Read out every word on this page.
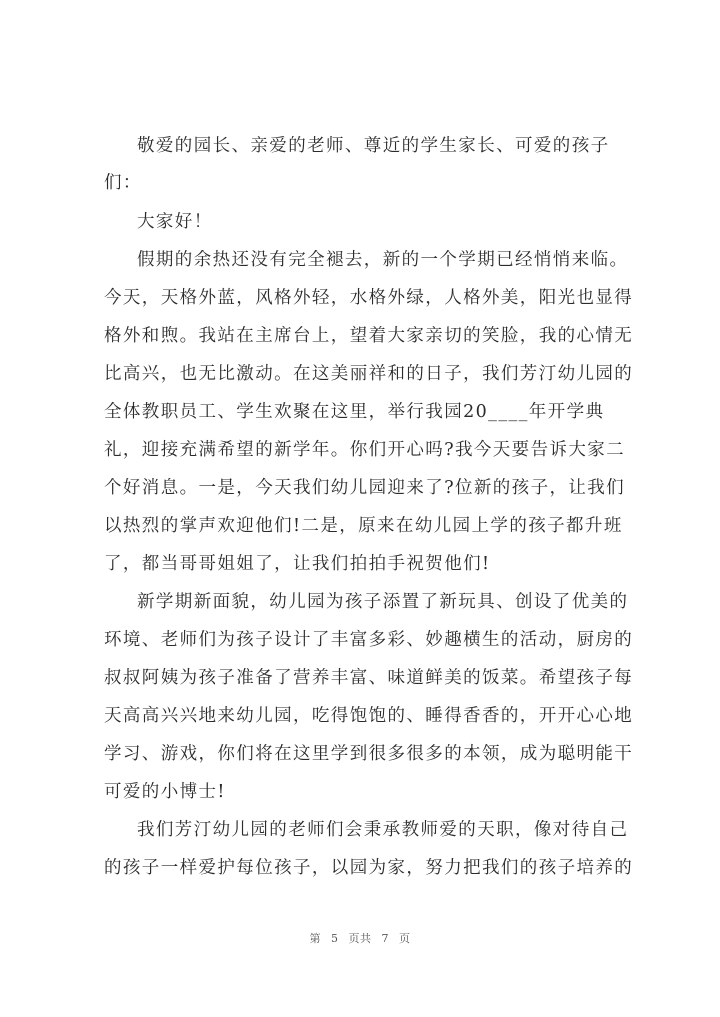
敬爱的园长、亲爱的老师、尊近的学生家长、可爱的孩子
们：
大家好！
假期的余热还没有完全褪去，新的一个学期已经悄悄来临。
今天，天格外蓝，风格外轻，水格外绿，人格外美，阳光也显得
格外和煦。我站在主席台上，望着大家亲切的笑脸，我的心情无
比高兴，也无比激动。在这美丽祥和的日子，我们芳汀幼儿园的
全体教职员工、学生欢聚在这里，举行我园20____年开学典
礼，迎接充满希望的新学年。你们开心吗?我今天要告诉大家二
个好消息。一是，今天我们幼儿园迎来了?位新的孩子，让我们
以热烈的掌声欢迎他们!二是，原来在幼儿园上学的孩子都升班
了，都当哥哥姐姐了，让我们拍拍手祝贺他们!
新学期新面貌，幼儿园为孩子添置了新玩具、创设了优美的
环境、老师们为孩子设计了丰富多彩、妙趣横生的活动，厨房的
叔叔阿姨为孩子准备了营养丰富、味道鲜美的饭菜。希望孩子每
天高高兴兴地来幼儿园，吃得饱饱的、睡得香香的，开开心心地
学习、游戏，你们将在这里学到很多很多的本领，成为聪明能干
可爱的小博士!
我们芳汀幼儿园的老师们会秉承教师爱的天职，像对待自己
的孩子一样爱护每位孩子，以园为家，努力把我们的孩子培养的
第 5 页共 7 页
